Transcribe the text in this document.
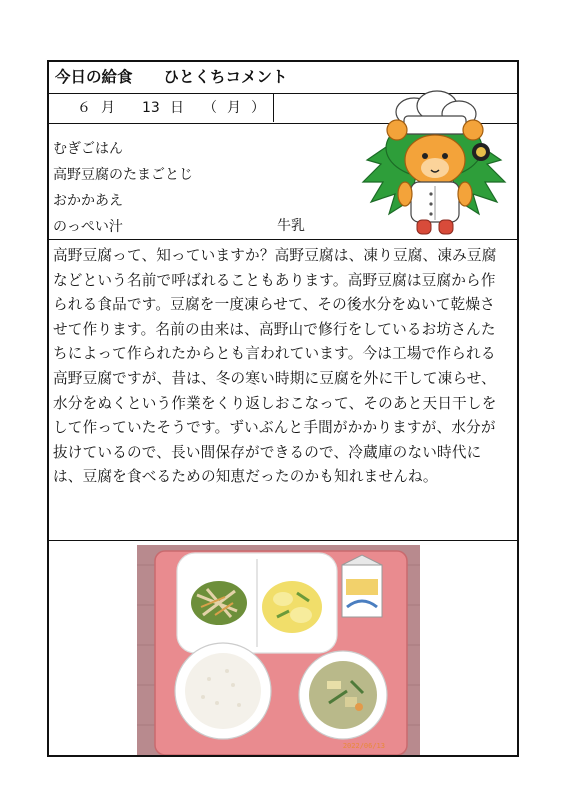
今日の給食　　ひとくちコメント
６ 月 13 日 （ 月 ）
むぎごはん
高野豆腐のたまごとじ
おかかあえ
のっぺい汁	牛乳
高野豆腐って、知っていますか？高野豆腐は、凍り豆腐、凍み豆腐
などという名前で呼ばれることもあります。高野豆腐は豆腐から作
られる食品です。豆腐を一度凍らせて、その後水分をぬいて乾燥さ
せて作ります。名前の由来は、高野山で修行をしているお坊さんた
ちによって作られたからとも言われています。今は工場で作られる
高野豆腐ですが、昔は、冬の寒い時期に豆腐を外に干して凍らせ、
水分をぬくという作業をくり返しおこなって、そのあと天日干しを
して作っていたそうです。ずいぶんと手間がかかりますが、水分が
抜けているので、長い間保存ができるので、冷蔵庫のない時代に
は、豆腐を食べるための知恵だったのかも知れませんね。
2022/06/13
